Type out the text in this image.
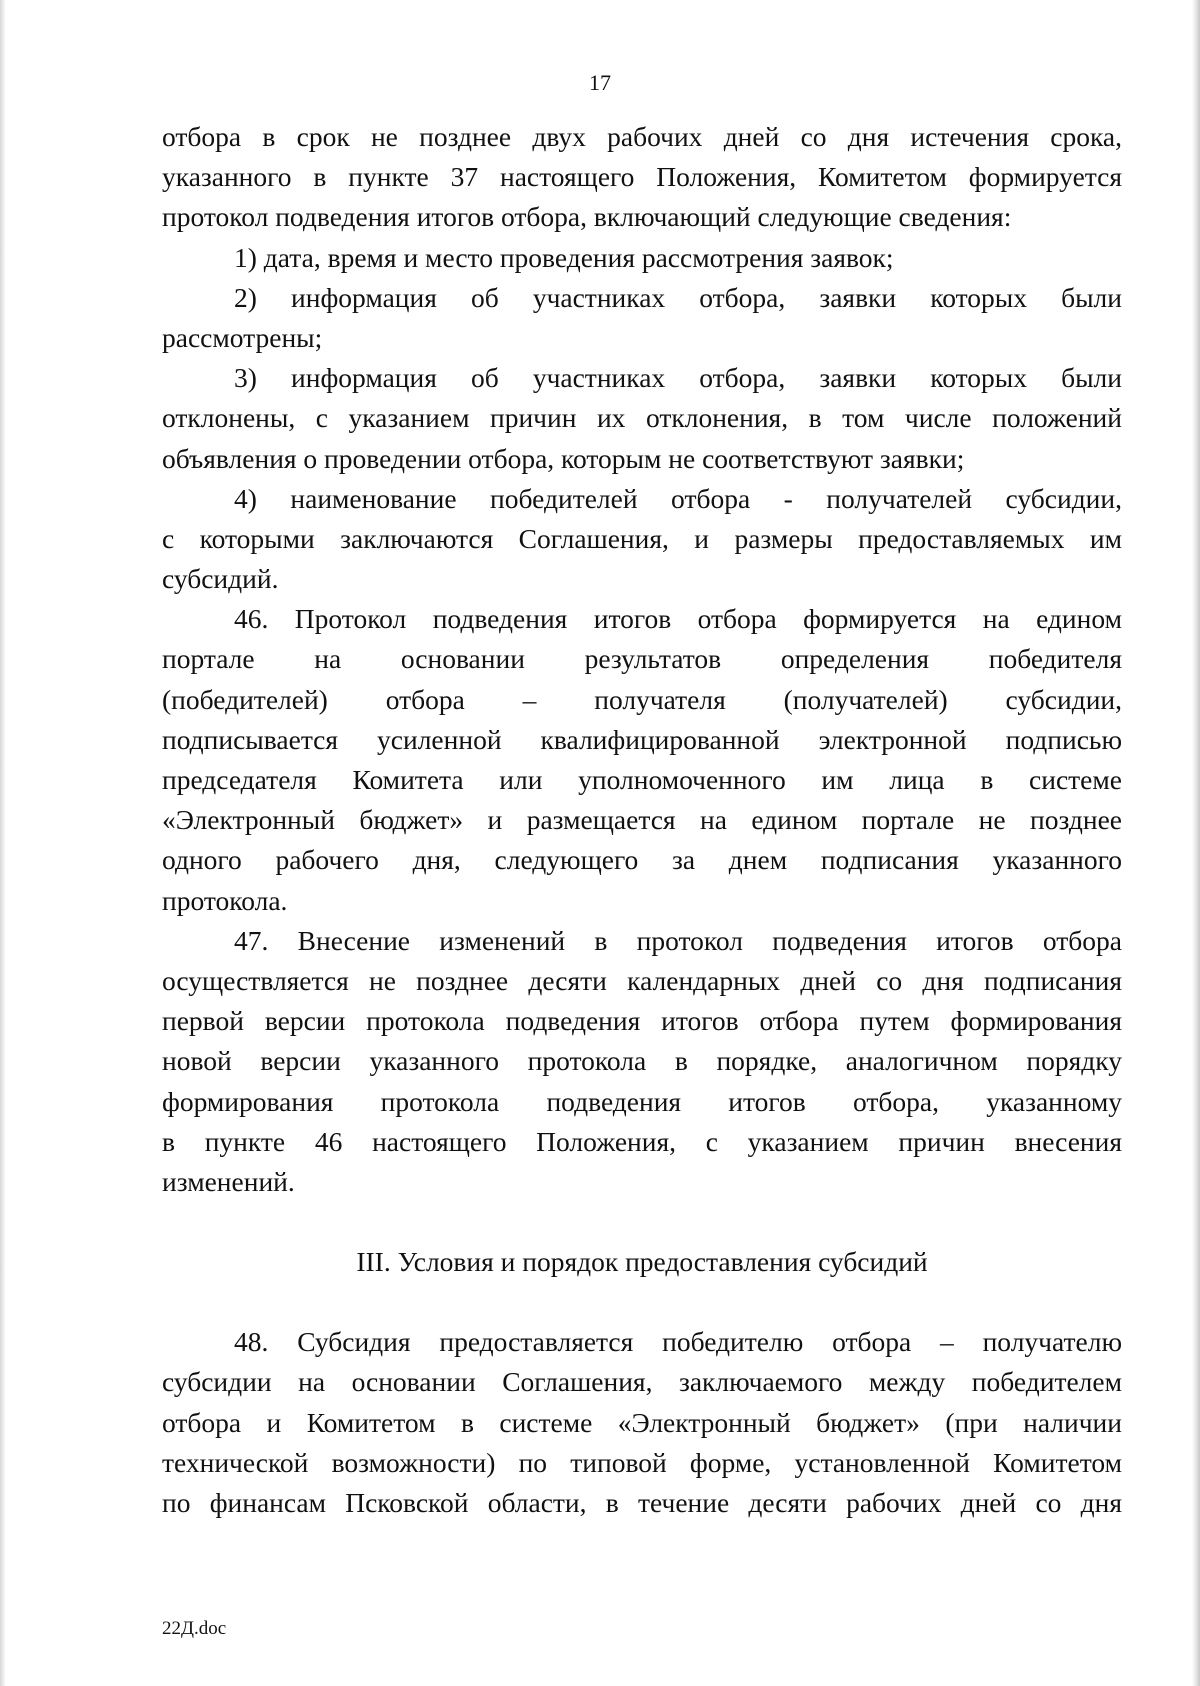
17
отбора в срок не позднее двух рабочих дней со дня истечения срока,
указанного в пункте 37 настоящего Положения, Комитетом формируется
протокол подведения итогов отбора, включающий следующие сведения:
1) дата, время и место проведения рассмотрения заявок;
2) информация об участниках отбора, заявки которых были
рассмотрены;
3) информация об участниках отбора, заявки которых были
отклонены, с указанием причин их отклонения, в том числе положений
объявления о проведении отбора, которым не соответствуют заявки;
4) наименование победителей отбора - получателей субсидии,
с которыми заключаются Соглашения, и размеры предоставляемых им
субсидий.
46. Протокол подведения итогов отбора формируется на едином
портале на основании результатов определения победителя
(победителей) отбора – получателя (получателей) субсидии,
подписывается усиленной квалифицированной электронной подписью
председателя Комитета или уполномоченного им лица в системе
«Электронный бюджет» и размещается на едином портале не позднее
одного рабочего дня, следующего за днем подписания указанного
протокола.
47. Внесение изменений в протокол подведения итогов отбора
осуществляется не позднее десяти календарных дней со дня подписания
первой версии протокола подведения итогов отбора путем формирования
новой версии указанного протокола в порядке, аналогичном порядку
формирования протокола подведения итогов отбора, указанному
в пункте 46 настоящего Положения, с указанием причин внесения
изменений.
III. Условия и порядок предоставления субсидий
48. Субсидия предоставляется победителю отбора – получателю
субсидии на основании Соглашения, заключаемого между победителем
отбора и Комитетом в системе «Электронный бюджет» (при наличии
технической возможности) по типовой форме, установленной Комитетом
по финансам Псковской области, в течение десяти рабочих дней со дня
22Д.doc
